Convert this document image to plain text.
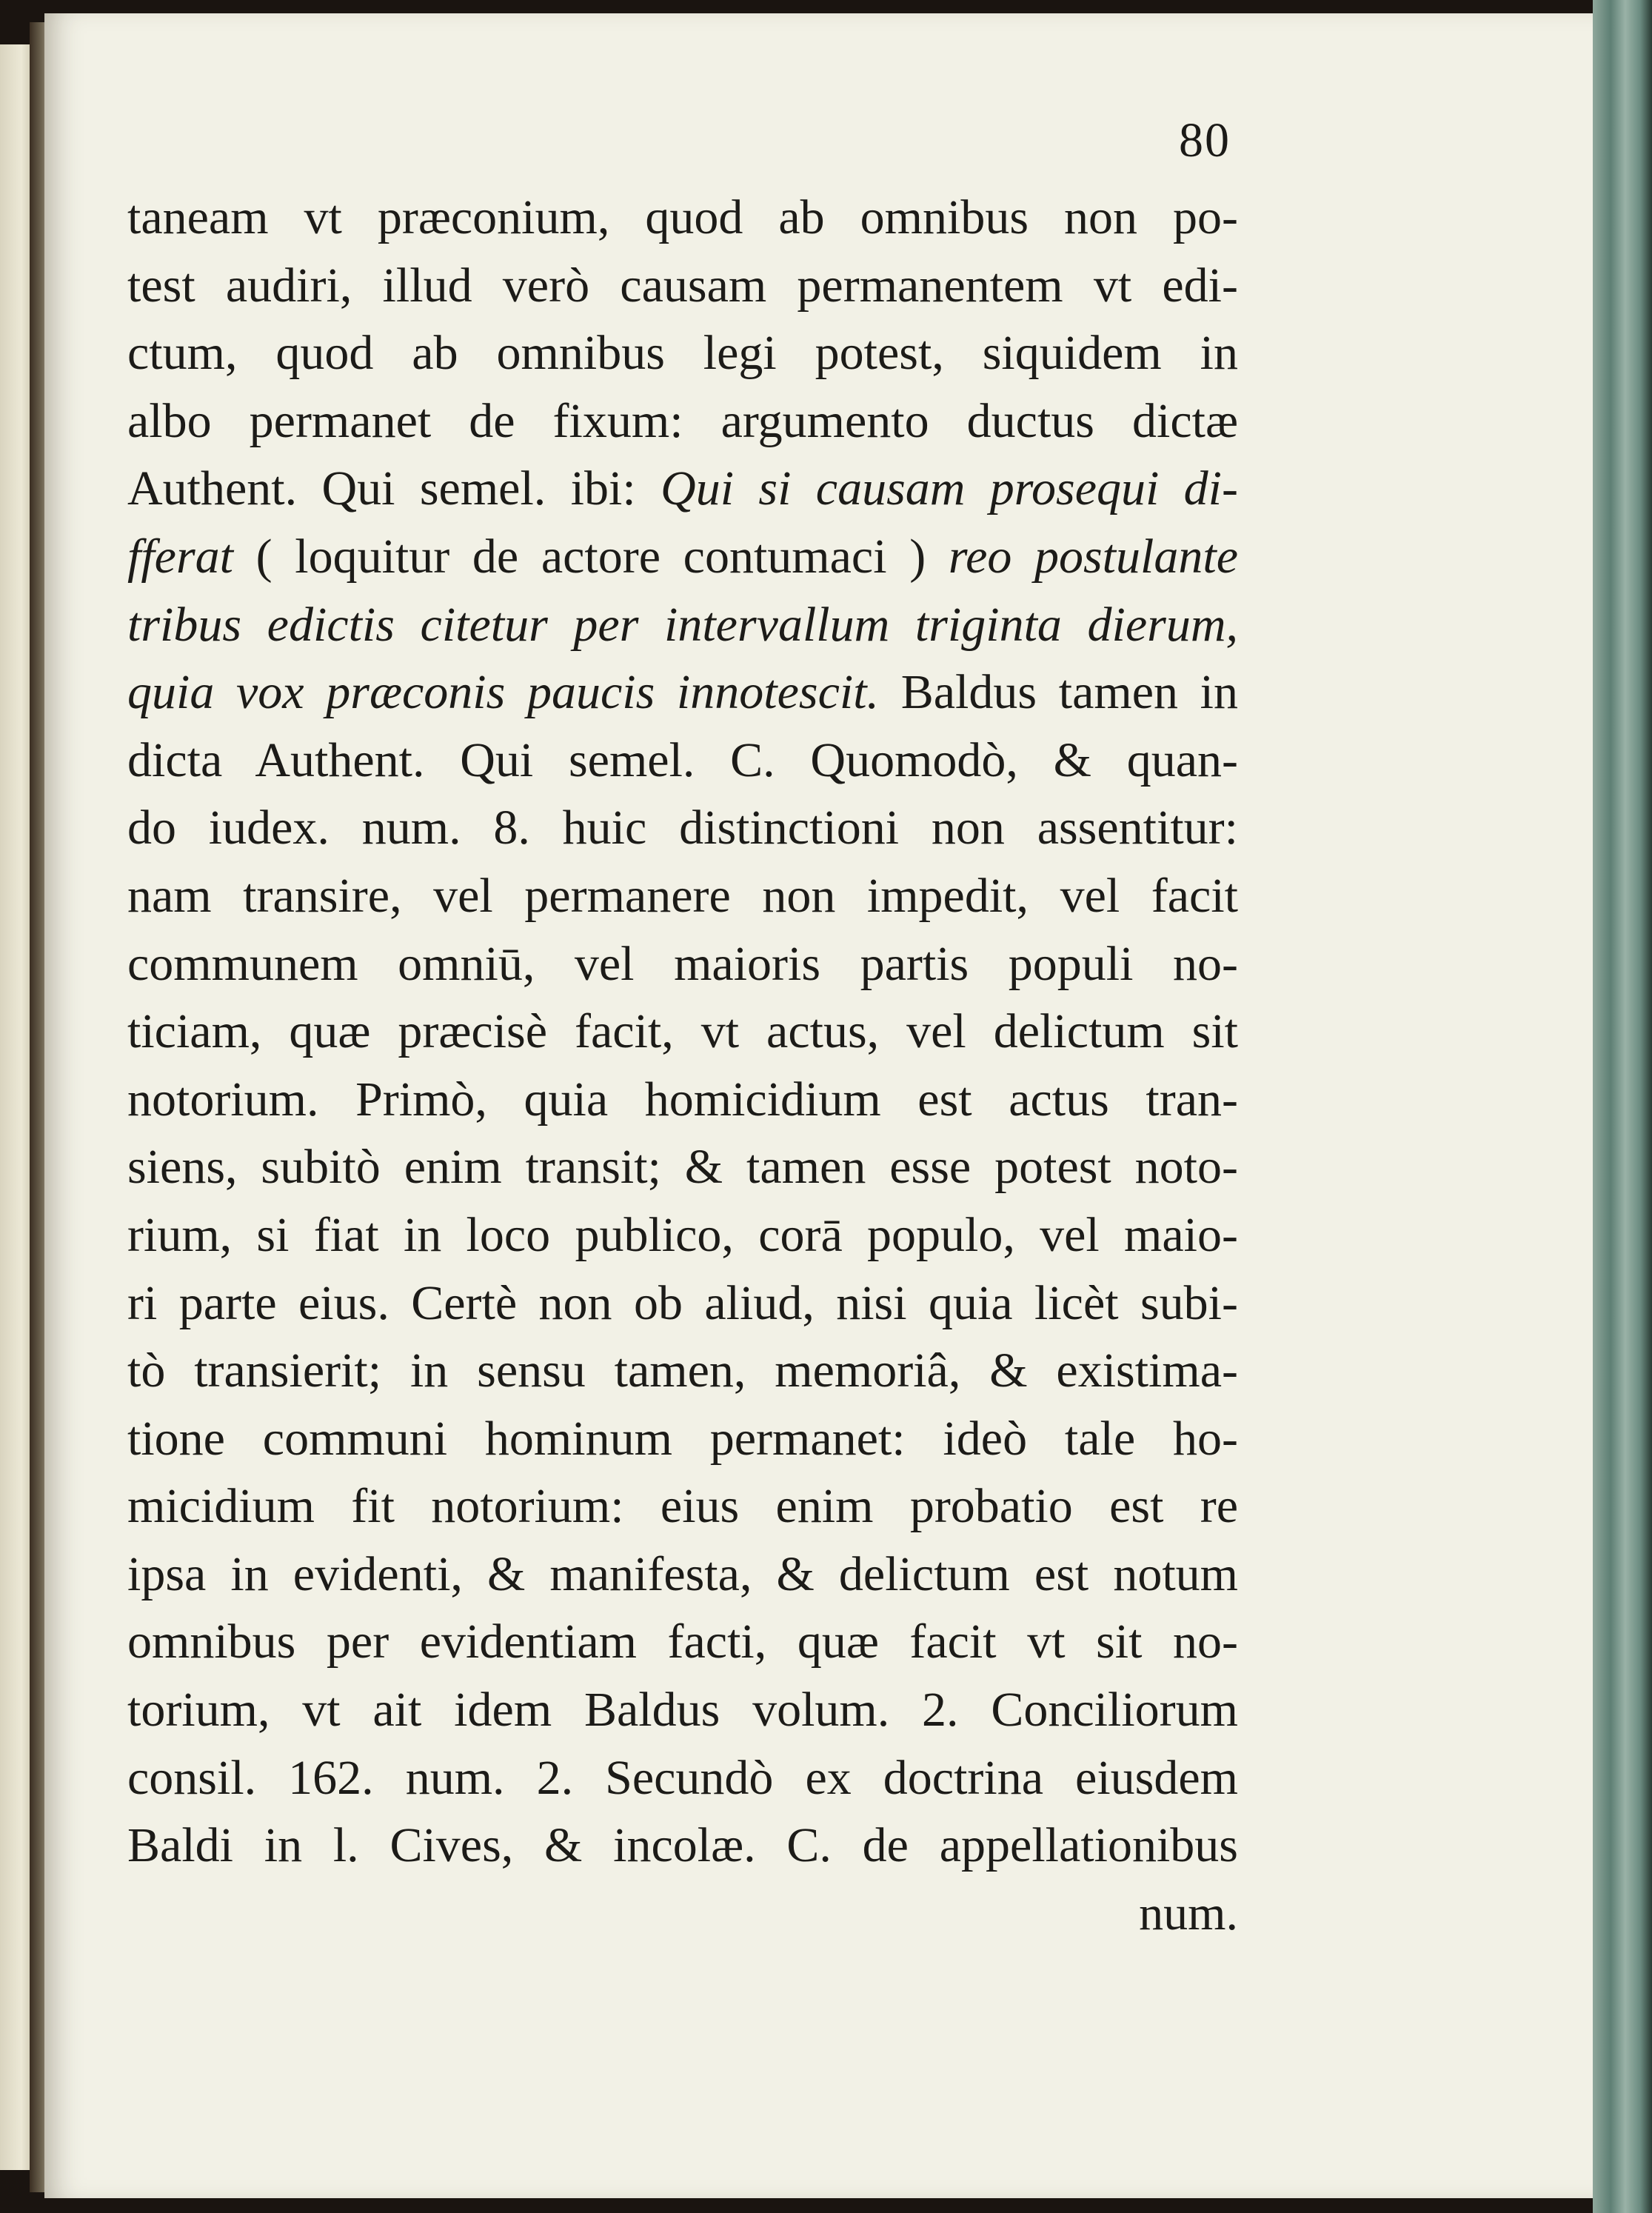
80
taneam vt præconium, quod ab omnibus non po-
test audiri, illud verò causam permanentem vt edi-
ctum, quod ab omnibus legi potest, siquidem in
albo permanet de fixum: argumento ductus dictæ
Authent. Qui semel. ibi: Qui si causam prosequi di-
fferat ( loquitur de actore contumaci ) reo postulante
tribus edictis citetur per intervallum triginta dierum,
quia vox præconis paucis innotescit. Baldus tamen in
dicta Authent. Qui semel. C. Quomodò, & quan-
do iudex. num. 8. huic distinctioni non assentitur:
nam transire, vel permanere non impedit, vel facit
communem omniū, vel maioris partis populi no-
ticiam, quæ præcisè facit, vt actus, vel delictum sit
notorium. Primò, quia homicidium est actus tran-
siens, subitò enim transit; & tamen esse potest noto-
rium, si fiat in loco publico, corā populo, vel maio-
ri parte eius. Certè non ob aliud, nisi quia licèt subi-
tò transierit; in sensu tamen, memoriâ, & existima-
tione communi hominum permanet: ideò tale ho-
micidium fit notorium: eius enim probatio est re
ipsa in evidenti, & manifesta, & delictum est notum
omnibus per evidentiam facti, quæ facit vt sit no-
torium, vt ait idem Baldus volum. 2. Conciliorum
consil. 162. num. 2. Secundò ex doctrina eiusdem
Baldi in l. Cives, & incolæ. C. de appellationibus
num.
